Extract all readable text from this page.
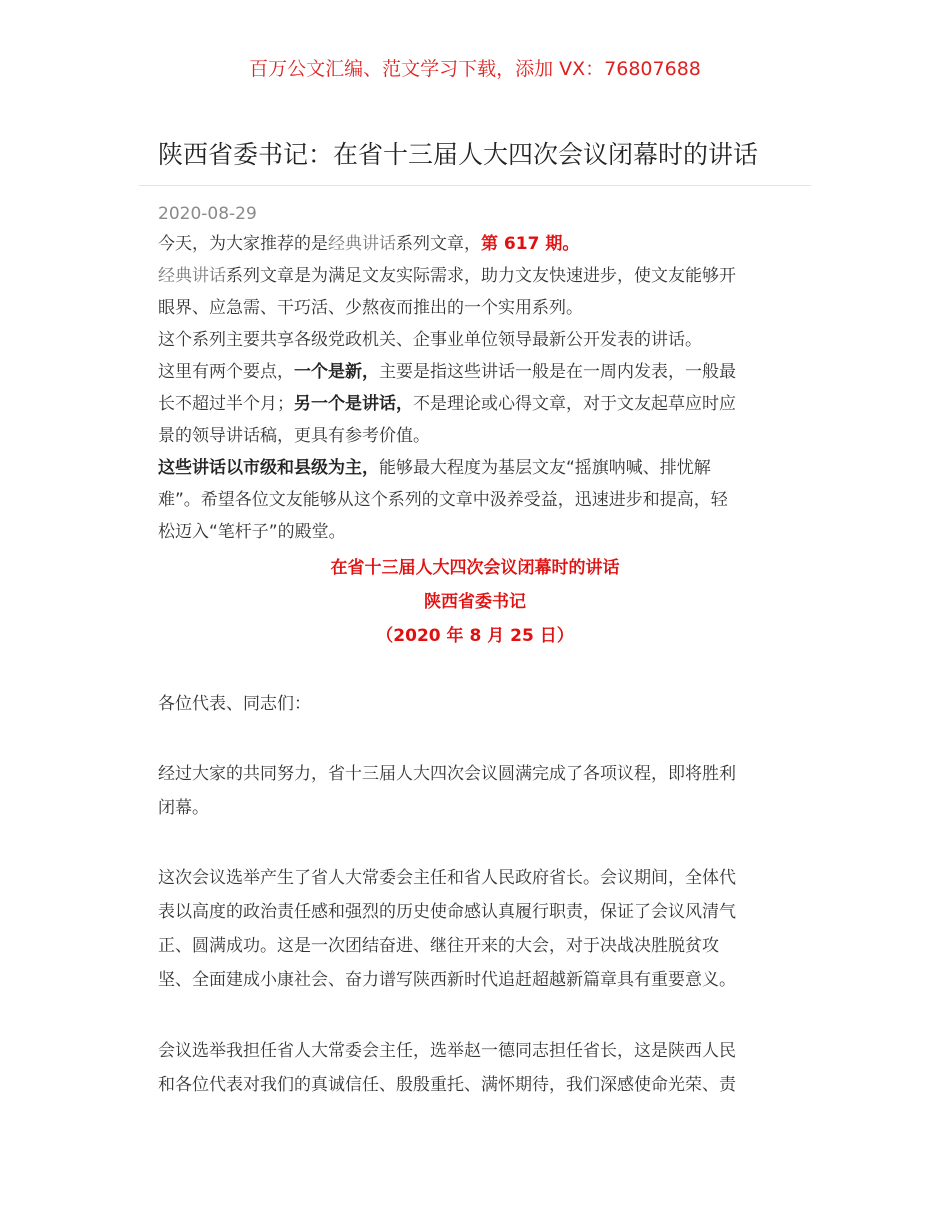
百万公文汇编、范文学习下载，添加 VX：76807688
陕西省委书记：在省十三届人大四次会议闭幕时的讲话
2020-08-29

今天，为大家推荐的是经典讲话系列文章，第 617 期。

经典讲话系列文章是为满足文友实际需求，助力文友快速进步，使文友能够开

眼界、应急需、干巧活、少熬夜而推出的一个实用系列。

这个系列主要共享各级党政机关、企事业单位领导最新公开发表的讲话。

这里有两个要点，一个是新，主要是指这些讲话一般是在一周内发表，一般最

长不超过半个月；另一个是讲话，不是理论或心得文章，对于文友起草应时应

景的领导讲话稿，更具有参考价值。

这些讲话以市级和县级为主，能够最大程度为基层文友“摇旗呐喊、排忧解

难”。希望各位文友能够从这个系列的文章中汲养受益，迅速进步和提高，轻

松迈入“笔杆子”的殿堂。

在省十三届人大四次会议闭幕时的讲话
陕西省委书记
（2020 年 8 月 25 日）
各位代表、同志们：
经过大家的共同努力，省十三届人大四次会议圆满完成了各项议程，即将胜利
闭幕。
这次会议选举产生了省人大常委会主任和省人民政府省长。会议期间，全体代
表以高度的政治责任感和强烈的历史使命感认真履行职责，保证了会议风清气
正、圆满成功。这是一次团结奋进、继往开来的大会，对于决战决胜脱贫攻
坚、全面建成小康社会、奋力谱写陕西新时代追赶超越新篇章具有重要意义。
会议选举我担任省人大常委会主任，选举赵一德同志担任省长，这是陕西人民
和各位代表对我们的真诚信任、殷殷重托、满怀期待，我们深感使命光荣、责
